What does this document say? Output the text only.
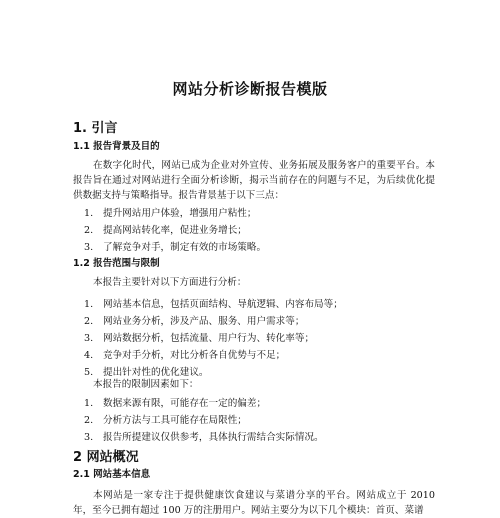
网站分析诊断报告模版
1. 引言
1.1 报告背景及目的
在数字化时代，网站已成为企业对外宣传、业务拓展及服务客户的重要平台。本报告旨在通过对网站进行全面分析诊断，揭示当前存在的问题与不足，为后续优化提供数据支持与策略指导。报告背景基于以下三点：
1. 提升网站用户体验，增强用户粘性；
2. 提高网站转化率，促进业务增长；
3. 了解竞争对手，制定有效的市场策略。
1.2 报告范围与限制
本报告主要针对以下方面进行分析：
1. 网站基本信息，包括页面结构、导航逻辑、内容布局等；
2. 网站业务分析，涉及产品、服务、用户需求等；
3. 网站数据分析，包括流量、用户行为、转化率等；
4. 竞争对手分析，对比分析各自优势与不足；
5. 提出针对性的优化建议。
本报告的限制因素如下：
1. 数据来源有限，可能存在一定的偏差；
2. 分析方法与工具可能存在局限性；
3. 报告所提建议仅供参考，具体执行需结合实际情况。
2 网站概况
2.1 网站基本信息
本网站是一家专注于提供健康饮食建议与菜谱分享的平台。网站成立于 2010 年，至今已拥有超过 100 万的注册用户。网站主要分为以下几个模块：首页、菜谱
